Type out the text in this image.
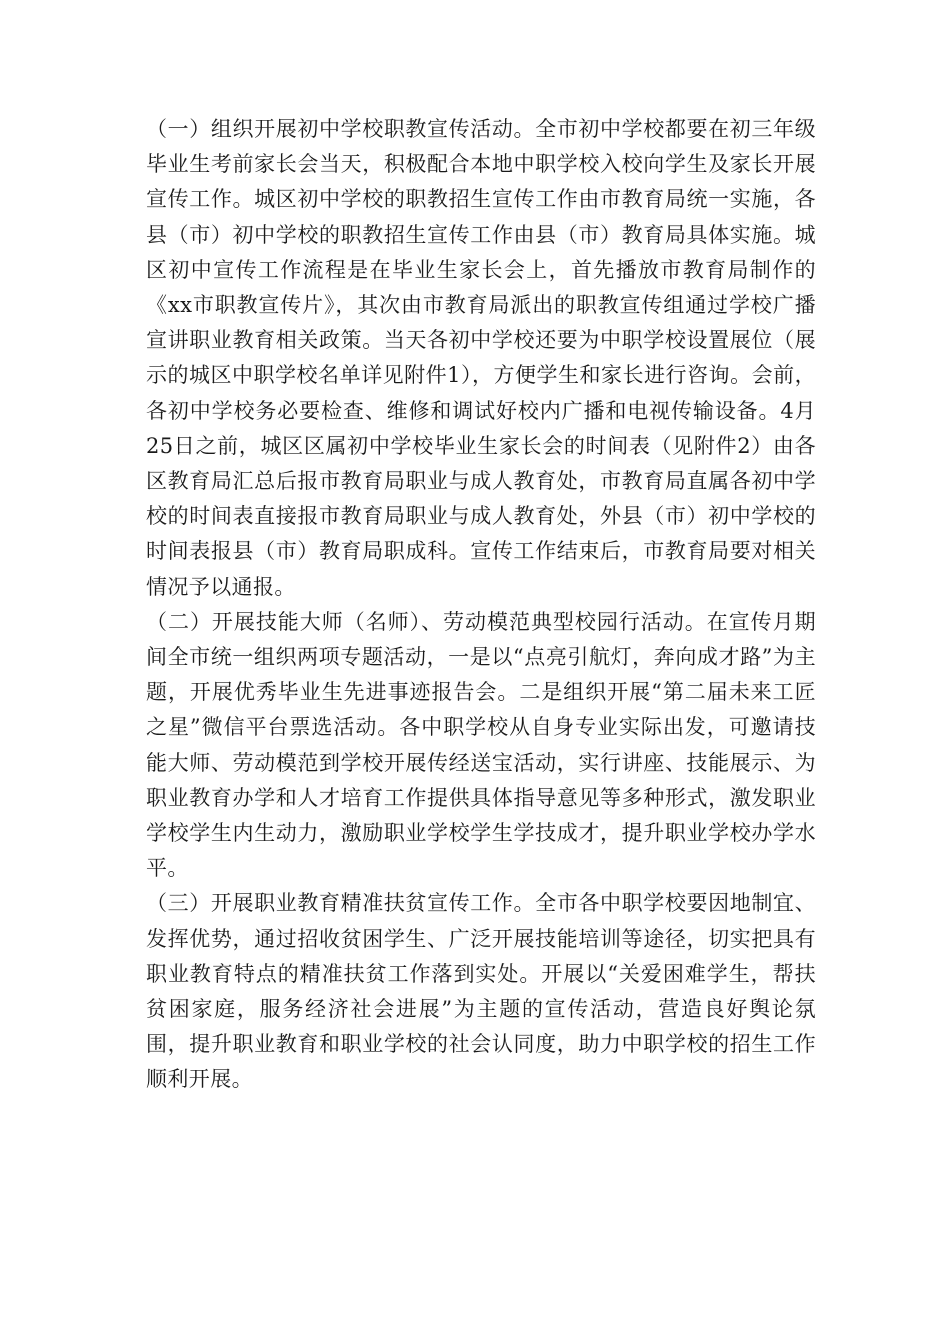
（一）组织开展初中学校职教宣传活动。全市初中学校都要在初三年级毕业生考前家长会当天，积极配合本地中职学校入校向学生及家长开展宣传工作。城区初中学校的职教招生宣传工作由市教育局统一实施，各县（市）初中学校的职教招生宣传工作由县（市）教育局具体实施。城区初中宣传工作流程是在毕业生家长会上，首先播放市教育局制作的《xx市职教宣传片》，其次由市教育局派出的职教宣传组通过学校广播宣讲职业教育相关政策。当天各初中学校还要为中职学校设置展位（展示的城区中职学校名单详见附件1），方便学生和家长进行咨询。会前，各初中学校务必要检查、维修和调试好校内广播和电视传输设备。4月25日之前，城区区属初中学校毕业生家长会的时间表（见附件2）由各区教育局汇总后报市教育局职业与成人教育处，市教育局直属各初中学校的时间表直接报市教育局职业与成人教育处，外县（市）初中学校的时间表报县（市）教育局职成科。宣传工作结束后，市教育局要对相关情况予以通报。

（二）开展技能大师（名师）、劳动模范典型校园行活动。在宣传月期间全市统一组织两项专题活动，一是以“点亮引航灯，奔向成才路”为主题，开展优秀毕业生先进事迹报告会。二是组织开展“第二届未来工匠之星”微信平台票选活动。各中职学校从自身专业实际出发，可邀请技能大师、劳动模范到学校开展传经送宝活动，实行讲座、技能展示、为职业教育办学和人才培育工作提供具体指导意见等多种形式，激发职业学校学生内生动力，激励职业学校学生学技成才，提升职业学校办学水平。

（三）开展职业教育精准扶贫宣传工作。全市各中职学校要因地制宜、发挥优势，通过招收贫困学生、广泛开展技能培训等途径，切实把具有职业教育特点的精准扶贫工作落到实处。开展以“关爱困难学生，帮扶贫困家庭，服务经济社会进展”为主题的宣传活动，营造良好舆论氛围，提升职业教育和职业学校的社会认同度，助力中职学校的招生工作顺利开展。
